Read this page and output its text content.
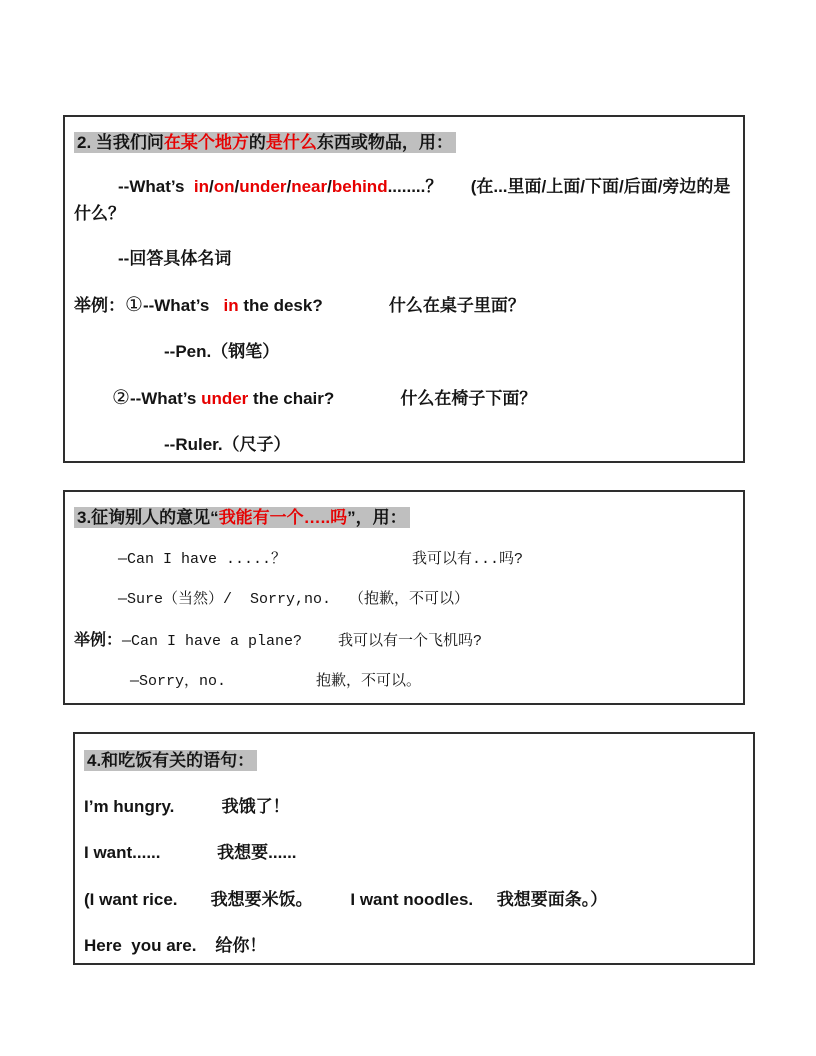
2. 当我们问在某个地方的是什么东西或物品，用：

--What’s  in/on/under/near/behind........？      (在...里面/上面/下面/后面/旁边的是什么？

--回答具体名词

举例：①--What’s   in the desk?              什么在桌子里面？

--Pen.（钢笔）

②--What’s under the chair?              什么在椅子下面？

--Ruler.（尺子）

3.征询别人的意见“我能有一个…..吗”，用：

—Can I have .....？              我可以有...吗?

—Sure（当然）/  Sorry,no.  （抱歉，不可以）

举例：—Can I have a plane?    我可以有一个飞机吗?

—Sorry，no.          抱歉，不可以。

4.和吃饭有关的语句：

I’m hungry.          我饿了！

I want......            我想要......

(I want rice.       我想要米饭。        I want noodles.     我想要面条。）

Here  you are.    给你！
